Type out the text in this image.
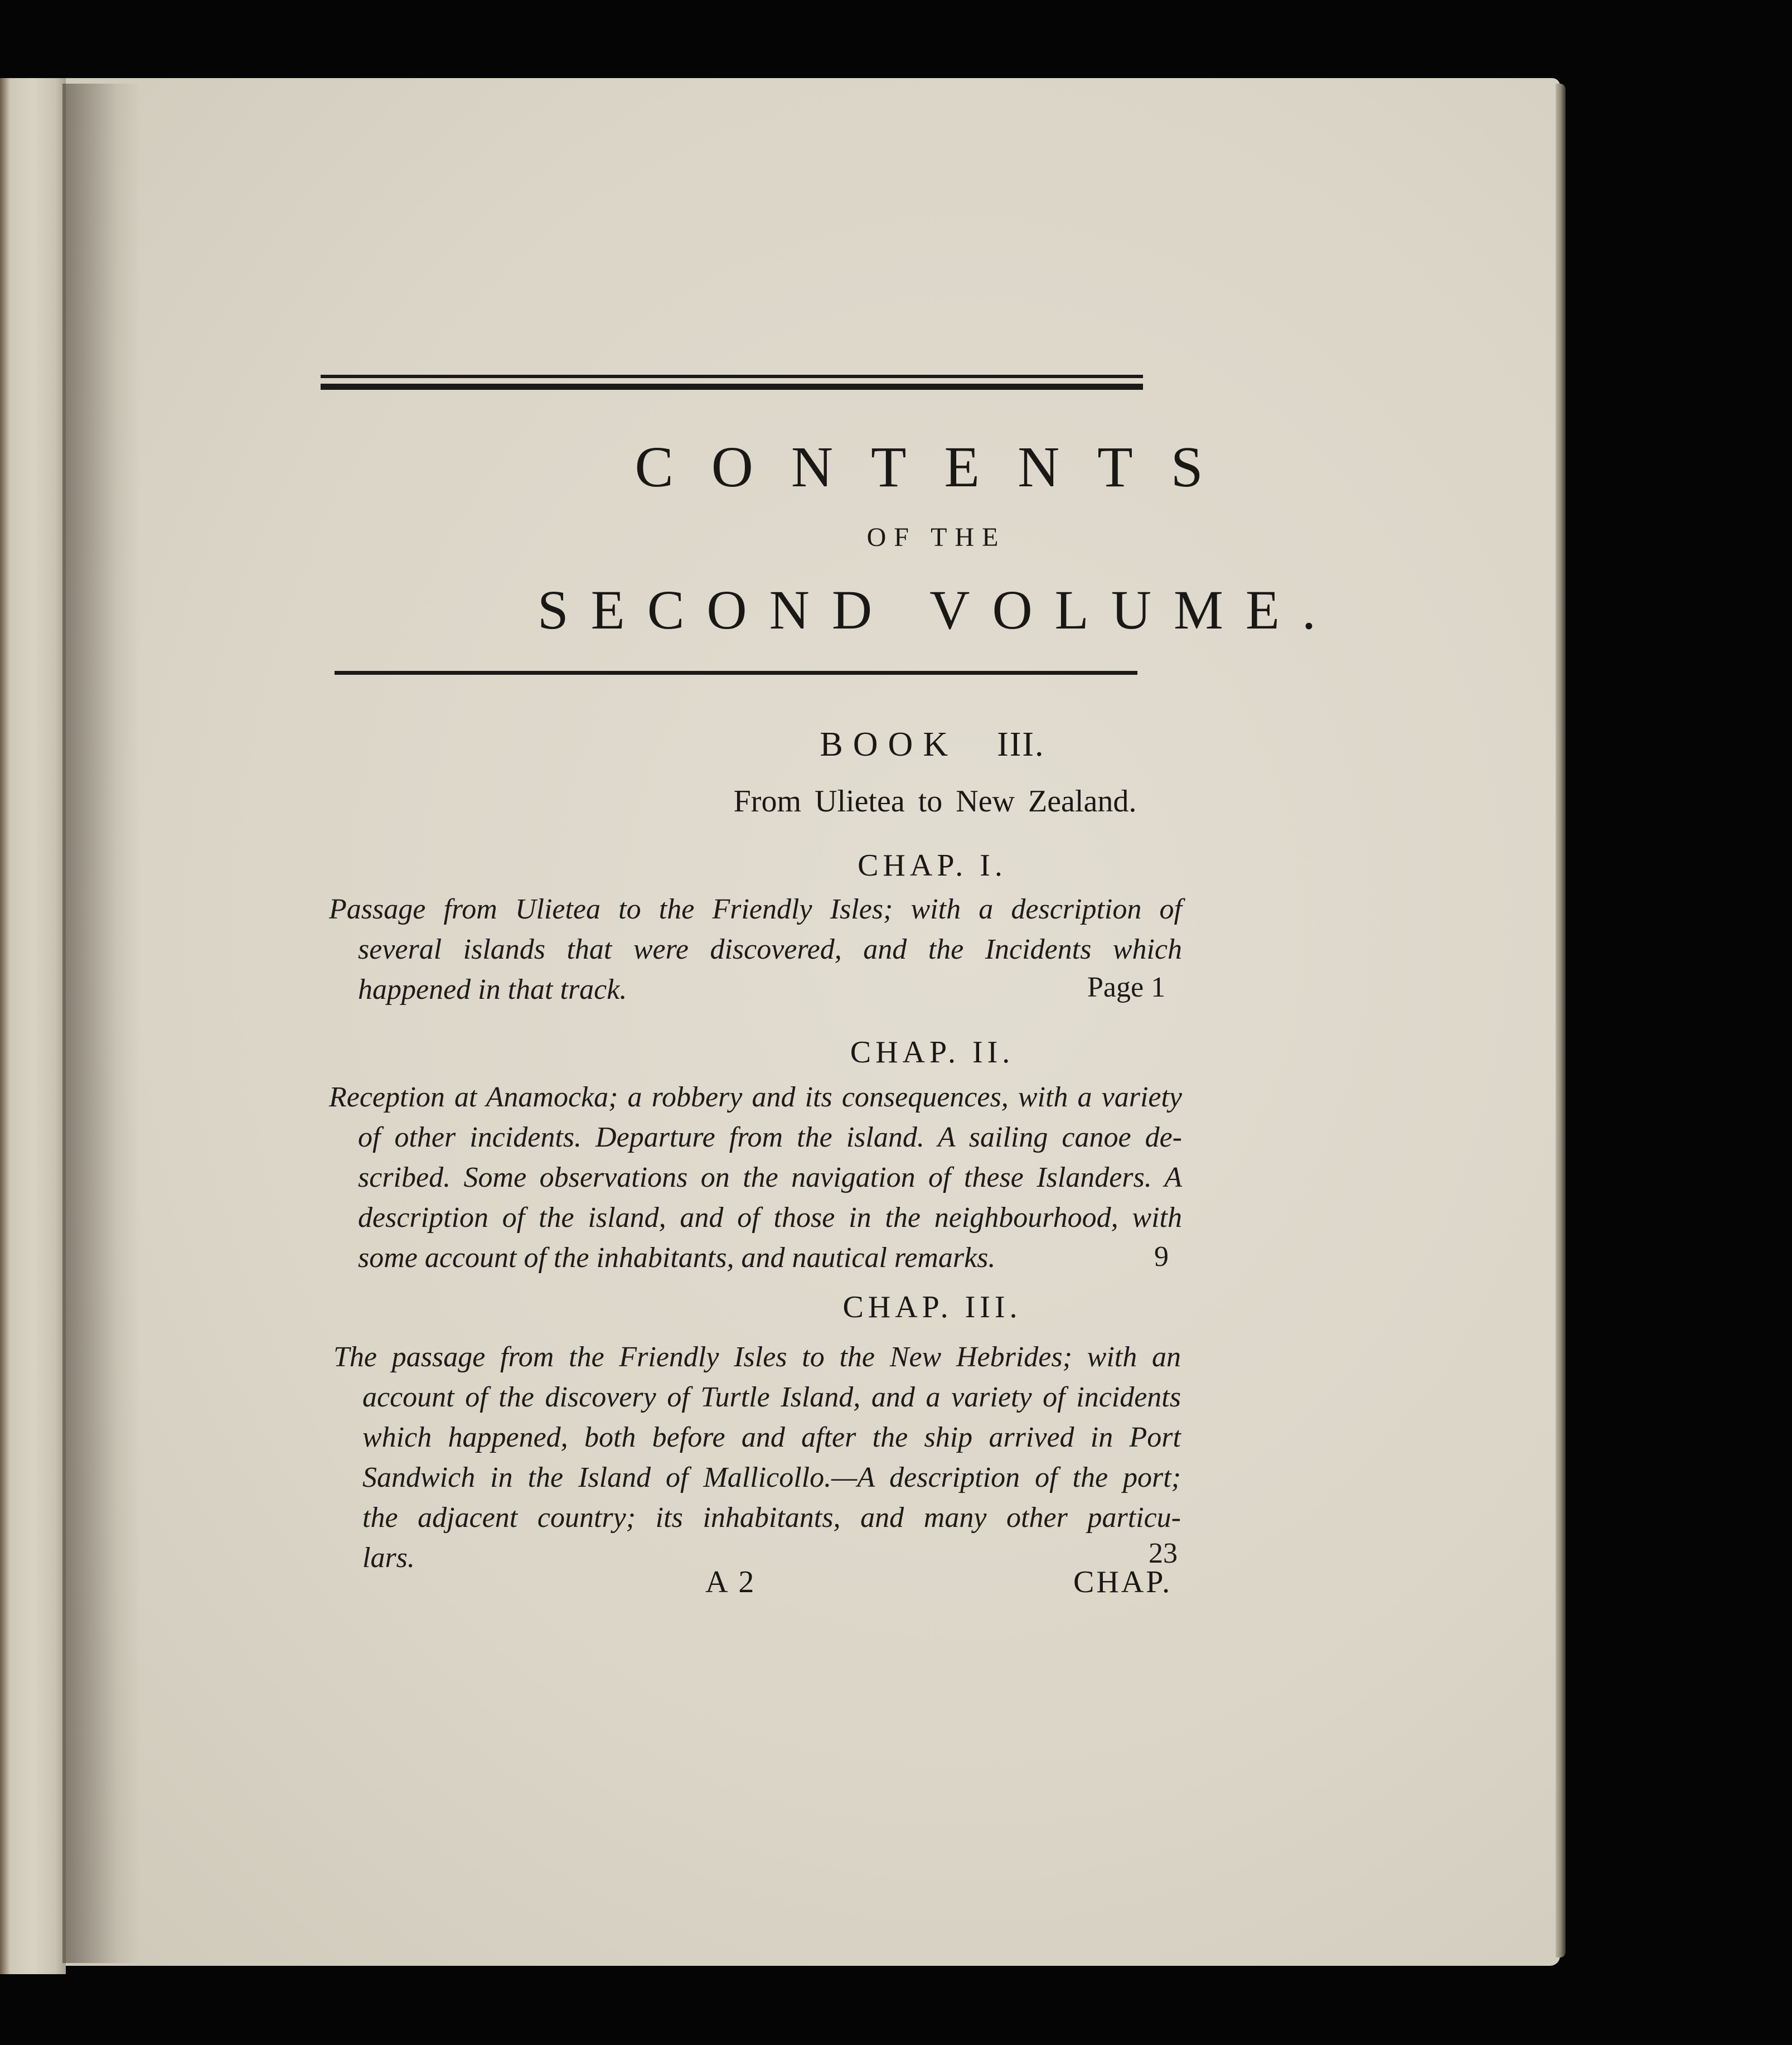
CONTENTS
OF THE
SECOND VOLUME.
BOOK III.
From Ulietea to New Zealand.
CHAP. I.
Passage from Ulietea to the Friendly Isles; with a description of
several islands that were discovered, and the Incidents which
happened in that track.	Page 1
CHAP. II.
Reception at Anamocka; a robbery and its consequences, with a variety
of other incidents. Departure from the island. A sailing canoe de-
scribed. Some observations on the navigation of these Islanders. A
description of the island, and of those in the neighbourhood, with
some account of the inhabitants, and nautical remarks.	9
CHAP. III.
The passage from the Friendly Isles to the New Hebrides; with an
account of the discovery of Turtle Island, and a variety of incidents
which happened, both before and after the ship arrived in Port
Sandwich in the Island of Mallicollo.—A description of the port;
the adjacent country; its inhabitants, and many other particu-
lars.	23
A 2	CHAP.
